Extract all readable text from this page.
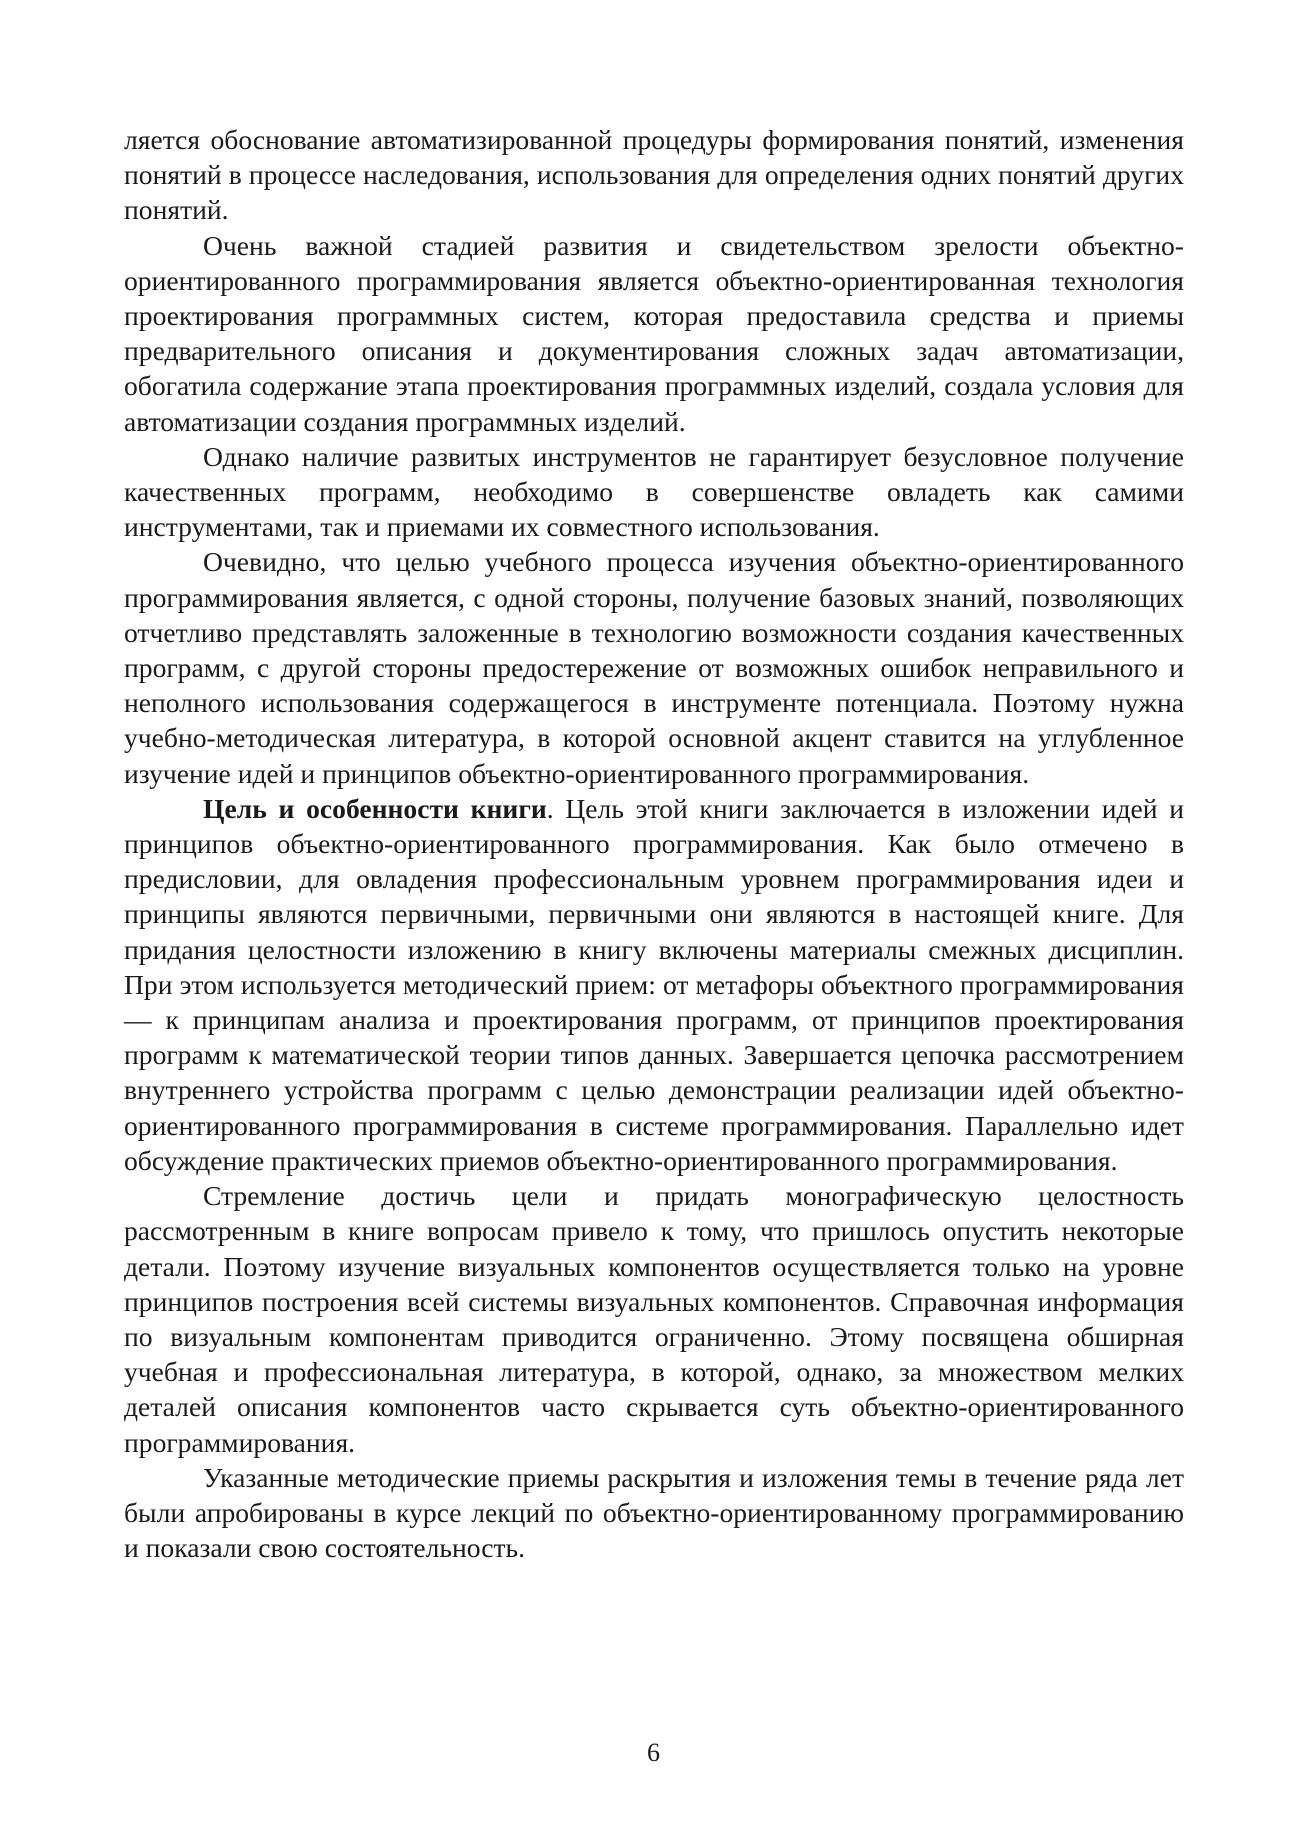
ляется обоснование автоматизированной процедуры формирования понятий, изменения понятий в процессе наследования, использования для определения одних понятий других понятий.

Очень важной стадией развития и свидетельством зрелости объектно-ориентированного программирования является объектно-ориентированная технология проектирования программных систем, которая предоставила средства и приемы предварительного описания и документирования сложных задач автоматизации, обогатила содержание этапа проектирования программных изделий, создала условия для автоматизации создания программных изделий.

Однако наличие развитых инструментов не гарантирует безусловное получение качественных программ, необходимо в совершенстве овладеть как самими инструментами, так и приемами их совместного использования.

Очевидно, что целью учебного процесса изучения объектно-ориентированного программирования является, с одной стороны, получение базовых знаний, позволяющих отчетливо представлять заложенные в технологию возможности создания качественных программ, с другой стороны предостережение от возможных ошибок неправильного и неполного использования содержащегося в инструменте потенциала. Поэтому нужна учебно-методическая литература, в которой основной акцент ставится на углубленное изучение идей и принципов объектно-ориентированного программирования.

Цель и особенности книги. Цель этой книги заключается в изложении идей и принципов объектно-ориентированного программирования. Как было отмечено в предисловии, для овладения профессиональным уровнем программирования идеи и принципы являются первичными, первичными они являются в настоящей книге. Для придания целостности изложению в книгу включены материалы смежных дисциплин. При этом используется методический прием: от метафоры объектного программирования — к принципам анализа и проектирования программ, от принципов проектирования программ к математической теории типов данных. Завершается цепочка рассмотрением внутреннего устройства программ с целью демонстрации реализации идей объектно-ориентированного программирования в системе программирования. Параллельно идет обсуждение практических приемов объектно-ориентированного программирования.

Стремление достичь цели и придать монографическую целостность рассмотренным в книге вопросам привело к тому, что пришлось опустить некоторые детали. Поэтому изучение визуальных компонентов осуществляется только на уровне принципов построения всей системы визуальных компонентов. Справочная информация по визуальным компонентам приводится ограниченно. Этому посвящена обширная учебная и профессиональная литература, в которой, однако, за множеством мелких деталей описания компонентов часто скрывается суть объектно-ориентированного программирования.

Указанные методические приемы раскрытия и изложения темы в течение ряда лет были апробированы в курсе лекций по объектно-ориентированному программированию и показали свою состоятельность.

6
